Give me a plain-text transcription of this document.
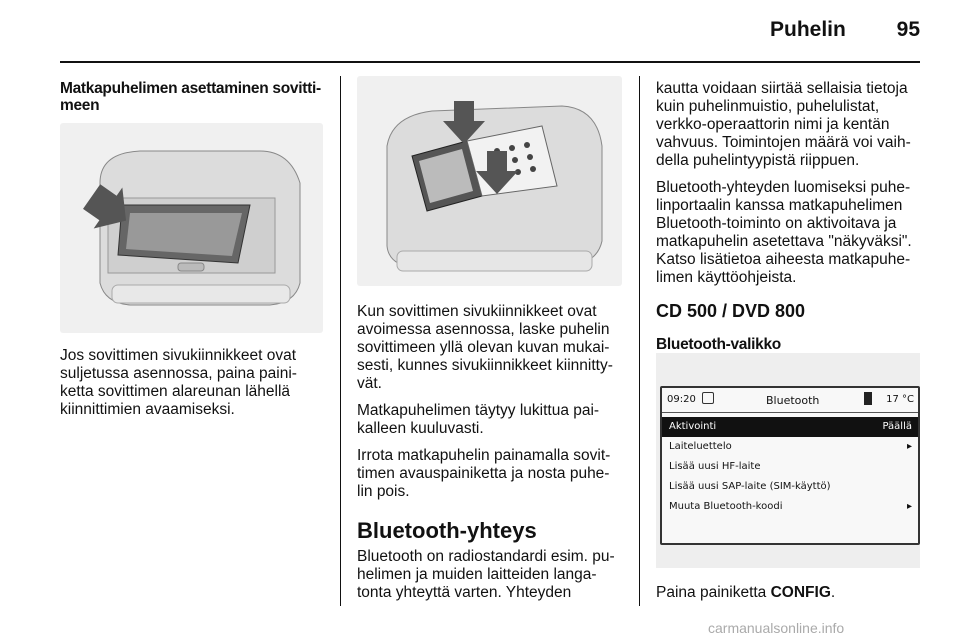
Puhelin	95
Matkapuhelimen asettaminen sovitti-
meen

Jos sovittimen sivukiinnikkeet ovat
suljetussa asennossa, paina paini-
ketta sovittimen alareunan lähellä
kiinnittimien avaamiseksi.

Kun sovittimen sivukiinnikkeet ovat
avoimessa asennossa, laske puhelin
sovittimeen yllä olevan kuvan mukai-
sesti, kunnes sivukiinnikkeet kiinnitty-
vät.

Matkapuhelimen täytyy lukittua pai-
kalleen kuuluvasti.

Irrota matkapuhelin painamalla sovit-
timen avauspainiketta ja nosta puhe-
lin pois.

Bluetooth-yhteys

Bluetooth on radiostandardi esim. pu-
helimen ja muiden laitteiden langa-
tonta yhteyttä varten. Yhteyden

kautta voidaan siirtää sellaisia tietoja
kuin puhelinmuistio, puhelulistat,
verkko-operaattorin nimi ja kentän
vahvuus. Toimintojen määrä voi vaih-
della puhelintyypistä riippuen.

Bluetooth-yhteyden luomiseksi puhe-
linportaalin kanssa matkapuhelimen
Bluetooth-toiminto on aktivoitava ja
matkapuhelin asetettava "näkyväksi".
Katso lisätietoa aiheesta matkapuhe-
limen käyttöohjeista.

CD 500 / DVD 800
Bluetooth-valikko
09:20	Bluetooth	17 °C
Aktivointi	Päällä
Laiteluettelo	▸
Lisää uusi HF-laite
Lisää uusi SAP-laite (SIM-käyttö)
Muuta Bluetooth-koodi	▸

Paina painiketta CONFIG.

carmanualsonline.info
